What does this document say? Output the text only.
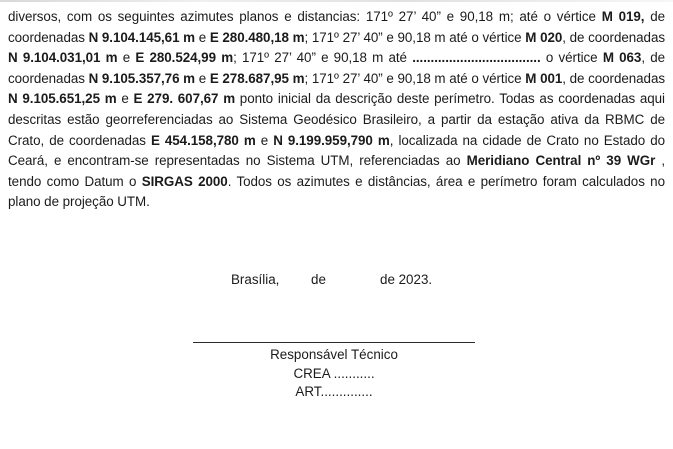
diversos, com os seguintes azimutes planos e distancias: 171º 27’ 40” e 90,18 m; até o vértice M 019, de coordenadas N 9.104.145,61 m e E 280.480,18 m; 171º 27’ 40” e 90,18 m até o vértice M 020, de coordenadas N 9.104.031,01 m e E 280.524,99 m; 171º 27’ 40” e 90,18 m até ................................... o vértice M 063, de coordenadas N 9.105.357,76 m e E 278.687,95 m; 171º 27’ 40” e 90,18 m até o vértice M 001, de coordenadas N 9.105.651,25 m e E 279. 607,67 m ponto inicial da descrição deste perímetro. Todas as coordenadas aqui descritas estão georreferenciadas ao Sistema Geodésico Brasileiro, a partir da estação ativa da RBMC de Crato, de coordenadas E 454.158,780 m e N 9.199.959,790 m, localizada na cidade de Crato no Estado do Ceará, e encontram-se representadas no Sistema UTM, referenciadas ao Meridiano Central nº 39 WGr , tendo como Datum o SIRGAS 2000. Todos os azimutes e distâncias, área e perímetro foram calculados no plano de projeção UTM.
Brasília, de	de 2023.
Responsável Técnico
CREA ...........
ART..............
